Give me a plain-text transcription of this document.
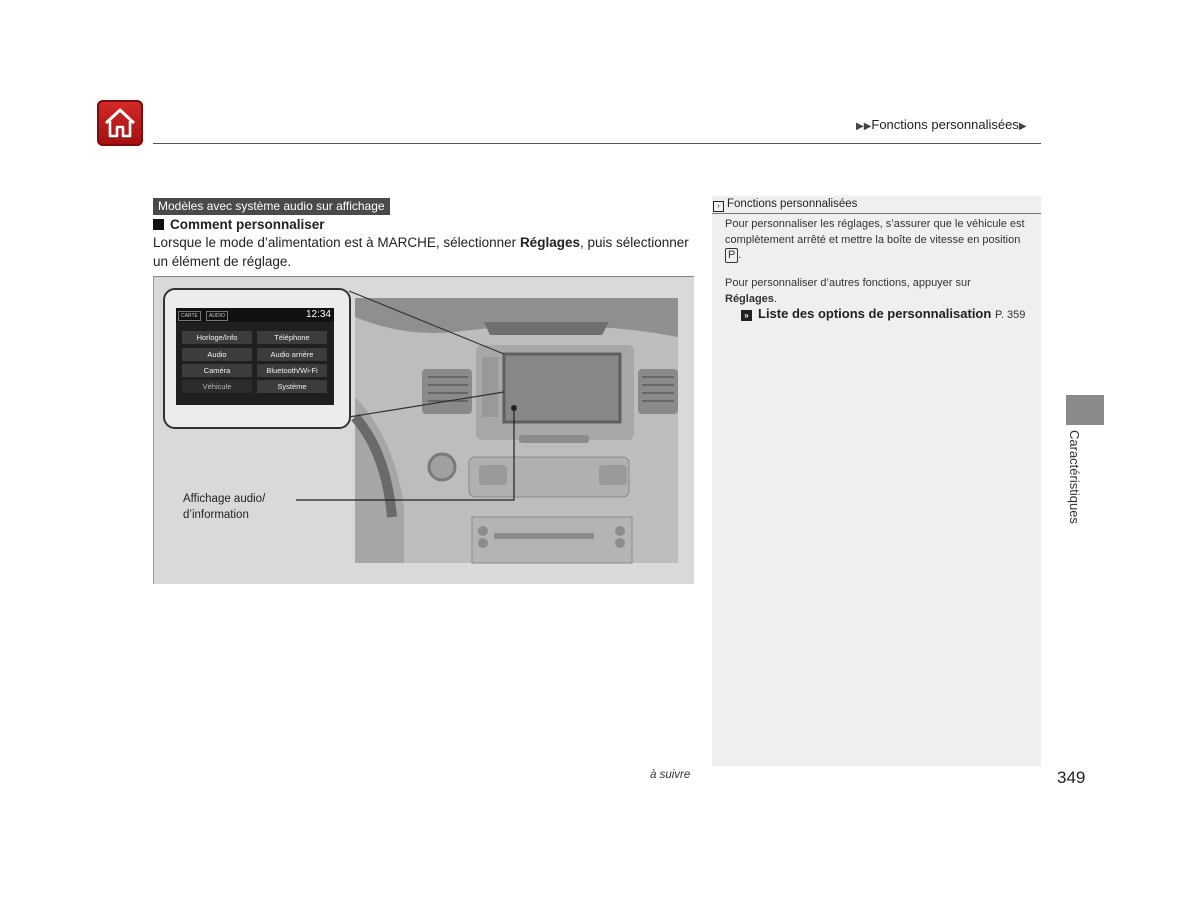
▶▶Fonctions personnalisées▶
Modèles avec système audio sur affichage
Comment personnaliser
Lorsque le mode d’alimentation est à MARCHE, sélectionner Réglages, puis sélectionner un élément de réglage.
CARTE	AUDIO	12:34
Horloge/Info	Téléphone
Audio	Audio arrière
Caméra	Bluetooth/Wi-Fi
Véhicule	Système
Affichage audio/
d’information
› Fonctions personnalisées
Pour personnaliser les réglages, s’assurer que le véhicule est complètement arrêté et mettre la boîte de vitesse en position
P .
Pour personnaliser d’autres fonctions, appuyer sur
Réglages.
» Liste des options de personnalisation P. 359
Caractéristiques
à suivre	349
